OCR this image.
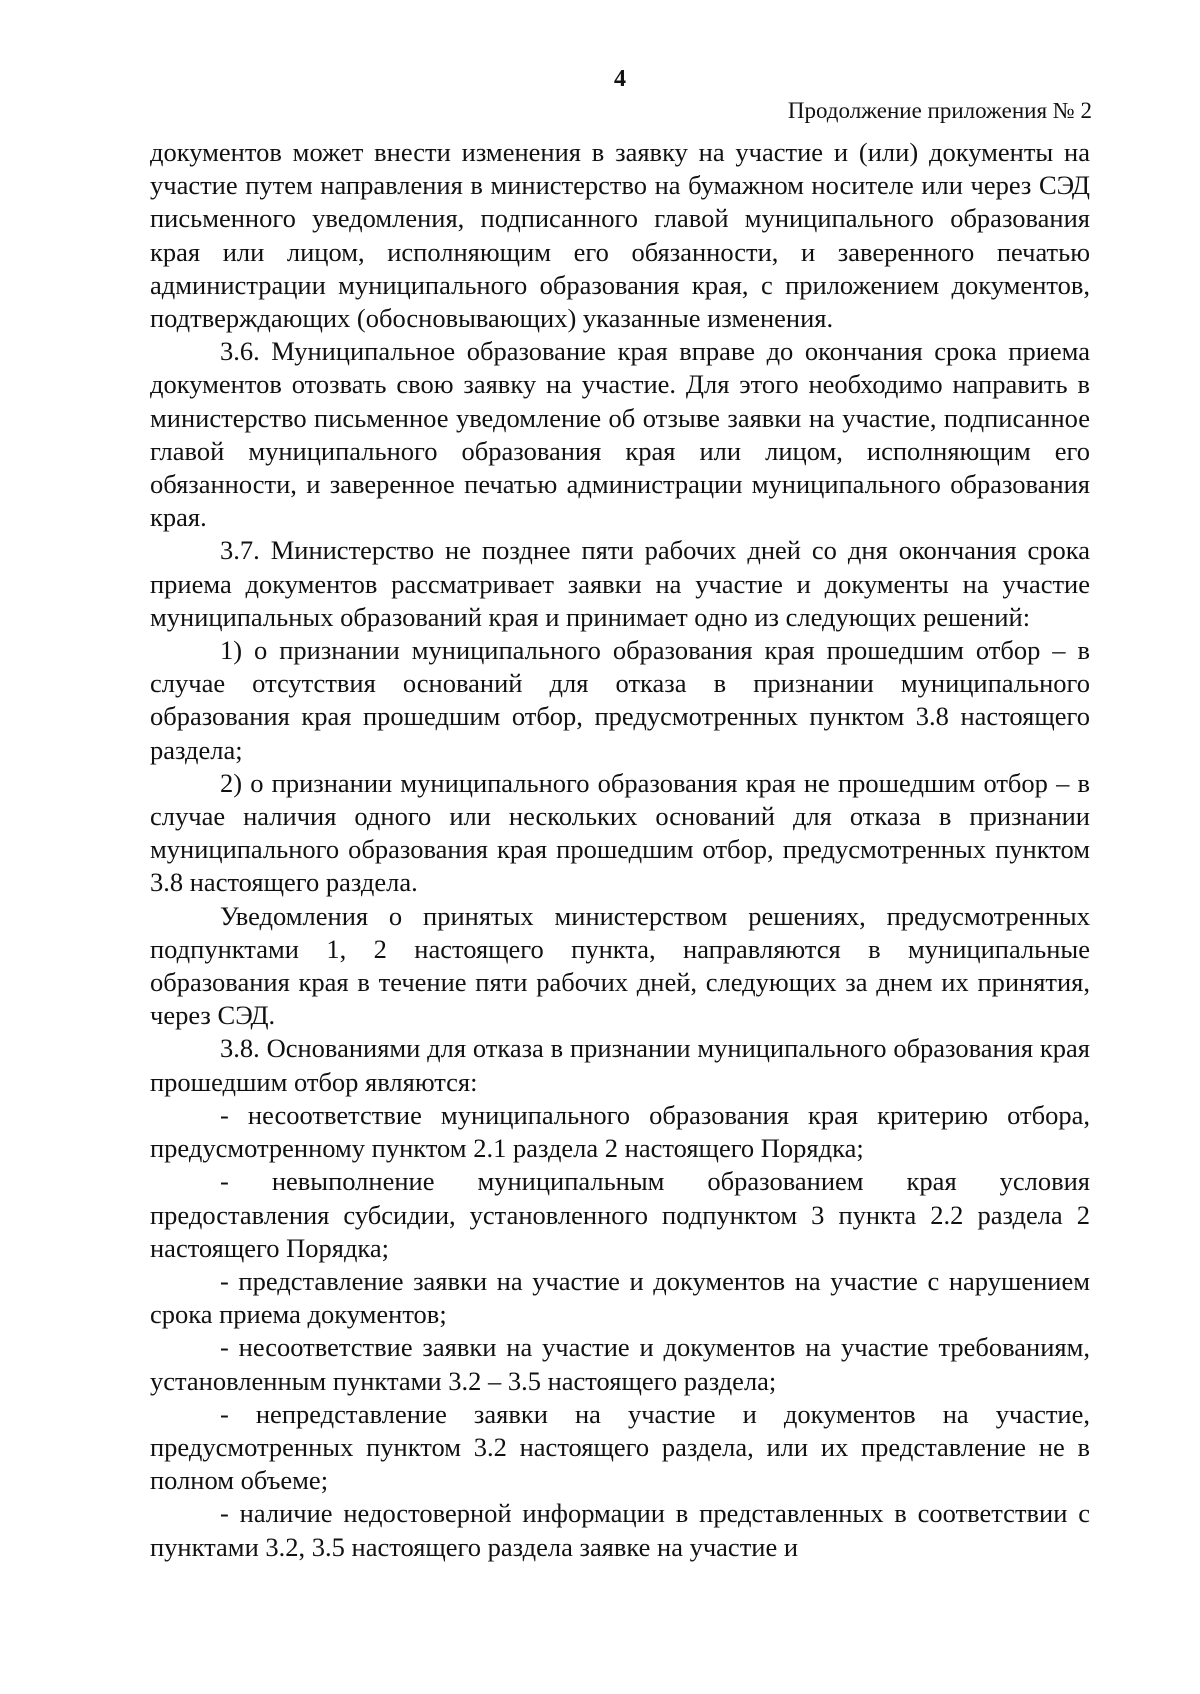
4
Продолжение приложения № 2

документов может внести изменения в заявку на участие и (или) документы на участие путем направления в министерство на бумажном носителе или через СЭД письменного уведомления, подписанного главой муниципального образования края или лицом, исполняющим его обязанности, и заверенного печатью администрации муниципального образования края, с приложением документов, подтверждающих (обосновывающих) указанные изменения.

3.6. Муниципальное образование края вправе до окончания срока приема документов отозвать свою заявку на участие. Для этого необходимо направить в министерство письменное уведомление об отзыве заявки на участие, подписанное главой муниципального образования края или лицом, исполняющим его обязанности, и заверенное печатью администрации муниципального образования края.

3.7. Министерство не позднее пяти рабочих дней со дня окончания срока приема документов рассматривает заявки на участие и документы на участие муниципальных образований края и принимает одно из следующих решений:

1) о признании муниципального образования края прошедшим отбор – в случае отсутствия оснований для отказа в признании муниципального образования края прошедшим отбор, предусмотренных пунктом 3.8 настоящего раздела;

2) о признании муниципального образования края не прошедшим отбор – в случае наличия одного или нескольких оснований для отказа в признании муниципального образования края прошедшим отбор, предусмотренных пунктом 3.8 настоящего раздела.

Уведомления о принятых министерством решениях, предусмотренных подпунктами 1, 2 настоящего пункта, направляются в муниципальные образования края в течение пяти рабочих дней, следующих за днем их принятия, через СЭД.

3.8. Основаниями для отказа в признании муниципального образования края прошедшим отбор являются:

- несоответствие муниципального образования края критерию отбора, предусмотренному пунктом 2.1 раздела 2 настоящего Порядка;

- невыполнение муниципальным образованием края условия предоставления субсидии, установленного подпунктом 3 пункта 2.2 раздела 2 настоящего Порядка;

- представление заявки на участие и документов на участие с нарушением срока приема документов;

- несоответствие заявки на участие и документов на участие требованиям, установленным пунктами 3.2 – 3.5 настоящего раздела;

- непредставление заявки на участие и документов на участие, предусмотренных пунктом 3.2 настоящего раздела, или их представление не в полном объеме;

- наличие недостоверной информации в представленных в соответствии с пунктами 3.2, 3.5 настоящего раздела заявке на участие и
